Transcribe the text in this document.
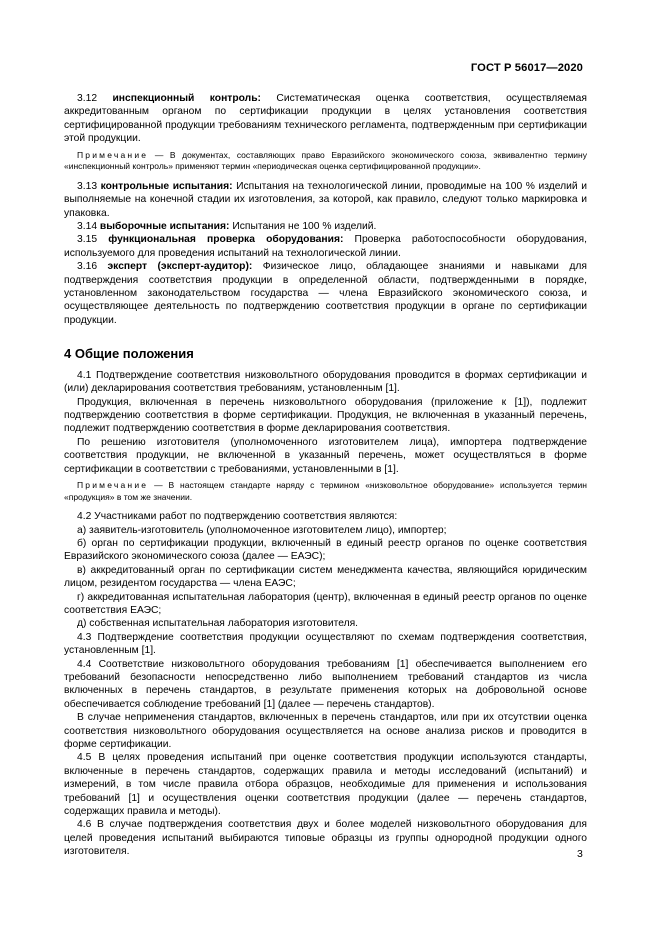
ГОСТ Р 56017—2020

3.12 инспекционный контроль: Систематическая оценка соответствия, осуществляемая аккредитованным органом по сертификации продукции в целях установления соответствия сертифицированной продукции требованиям технического регламента, подтвержденным при сертификации этой продукции.

Примечание — В документах, составляющих право Евразийского экономического союза, эквивалентно термину «инспекционный контроль» применяют термин «периодическая оценка сертифицированной продукции».

3.13 контрольные испытания: Испытания на технологической линии, проводимые на 100 % изделий и выполняемые на конечной стадии их изготовления, за которой, как правило, следуют только маркировка и упаковка.

3.14 выборочные испытания: Испытания не 100 % изделий.

3.15 функциональная проверка оборудования: Проверка работоспособности оборудования, используемого для проведения испытаний на технологической линии.

3.16 эксперт (эксперт-аудитор): Физическое лицо, обладающее знаниями и навыками для подтверждения соответствия продукции в определенной области, подтвержденными в порядке, установленном законодательством государства — члена Евразийского экономического союза, и осуществляющее деятельность по подтверждению соответствия продукции в органе по сертификации продукции.

4 Общие положения

4.1 Подтверждение соответствия низковольтного оборудования проводится в формах сертификации и (или) декларирования соответствия требованиям, установленным [1].

Продукция, включенная в перечень низковольтного оборудования (приложение к [1]), подлежит подтверждению соответствия в форме сертификации. Продукция, не включенная в указанный перечень, подлежит подтверждению соответствия в форме декларирования соответствия.

По решению изготовителя (уполномоченного изготовителем лица), импортера подтверждение соответствия продукции, не включенной в указанный перечень, может осуществляться в форме сертификации в соответствии с требованиями, установленными в [1].

Примечание — В настоящем стандарте наряду с термином «низковольтное оборудование» используется термин «продукция» в том же значении.

4.2 Участниками работ по подтверждению соответствия являются:

а) заявитель-изготовитель (уполномоченное изготовителем лицо), импортер;

б) орган по сертификации продукции, включенный в единый реестр органов по оценке соответствия Евразийского экономического союза (далее — ЕАЭС);

в) аккредитованный орган по сертификации систем менеджмента качества, являющийся юридическим лицом, резидентом государства — члена ЕАЭС;

г) аккредитованная испытательная лаборатория (центр), включенная в единый реестр органов по оценке соответствия ЕАЭС;

д) собственная испытательная лаборатория изготовителя.

4.3 Подтверждение соответствия продукции осуществляют по схемам подтверждения соответствия, установленным [1].

4.4 Соответствие низковольтного оборудования требованиям [1] обеспечивается выполнением его требований безопасности непосредственно либо выполнением требований стандартов из числа включенных в перечень стандартов, в результате применения которых на добровольной основе обеспечивается соблюдение требований [1] (далее — перечень стандартов).

В случае неприменения стандартов, включенных в перечень стандартов, или при их отсутствии оценка соответствия низковольтного оборудования осуществляется на основе анализа рисков и проводится в форме сертификации.

4.5 В целях проведения испытаний при оценке соответствия продукции используются стандарты, включенные в перечень стандартов, содержащих правила и методы исследований (испытаний) и измерений, в том числе правила отбора образцов, необходимые для применения и использования требований [1] и осуществления оценки соответствия продукции (далее — перечень стандартов, содержащих правила и методы).

4.6 В случае подтверждения соответствия двух и более моделей низковольтного оборудования для целей проведения испытаний выбираются типовые образцы из группы однородной продукции одного изготовителя.	3
